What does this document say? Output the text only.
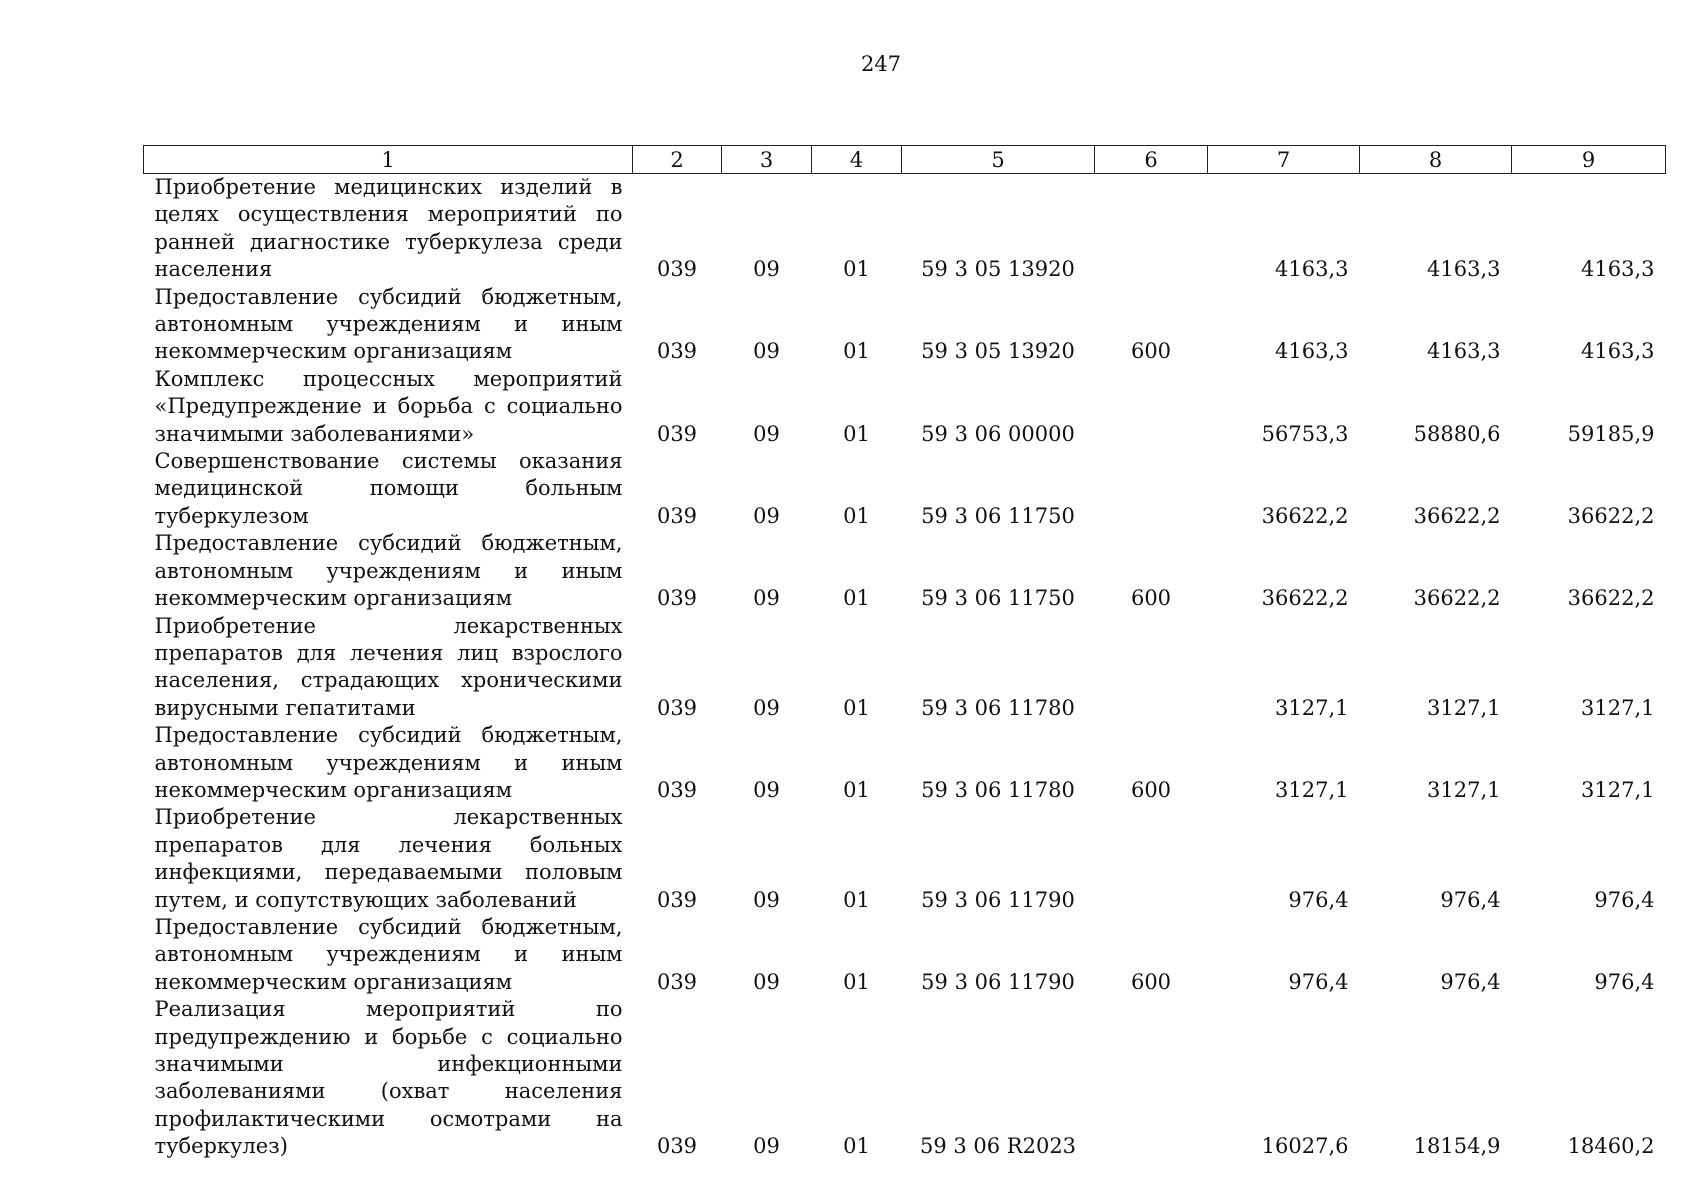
247
1	2	3	4	5	6	7	8	9

Приобретение медицинских изделий в целях осуществления мероприятий по ранней диагностике туберкулеза среди населения	039	09	01	59 3 05 13920		4163,3	4163,3	4163,3

Предоставление субсидий бюджетным, автономным учреждениям и иным некоммерческим организациям	039	09	01	59 3 05 13920	600	4163,3	4163,3	4163,3

Комплекс процессных мероприятий «Предупреждение и борьба с социально значимыми заболеваниями»	039	09	01	59 3 06 00000		56753,3	58880,6	59185,9

Совершенствование системы оказания медицинской помощи больным туберкулезом	039	09	01	59 3 06 11750		36622,2	36622,2	36622,2

Предоставление субсидий бюджетным, автономным учреждениям и иным некоммерческим организациям	039	09	01	59 3 06 11750	600	36622,2	36622,2	36622,2

Приобретение лекарственных препаратов для лечения лиц взрослого населения, страдающих хроническими вирусными гепатитами	039	09	01	59 3 06 11780		3127,1	3127,1	3127,1

Предоставление субсидий бюджетным, автономным учреждениям и иным некоммерческим организациям	039	09	01	59 3 06 11780	600	3127,1	3127,1	3127,1

Приобретение лекарственных препаратов для лечения больных инфекциями, передаваемыми половым путем, и сопутствующих заболеваний	039	09	01	59 3 06 11790		976,4	976,4	976,4

Предоставление субсидий бюджетным, автономным учреждениям и иным некоммерческим организациям	039	09	01	59 3 06 11790	600	976,4	976,4	976,4

Реализация мероприятий по предупреждению и борьбе с социально значимыми инфекционными заболеваниями (охват населения профилактическими осмотрами на туберкулез)	039	09	01	59 3 06 R2023		16027,6	18154,9	18460,2
